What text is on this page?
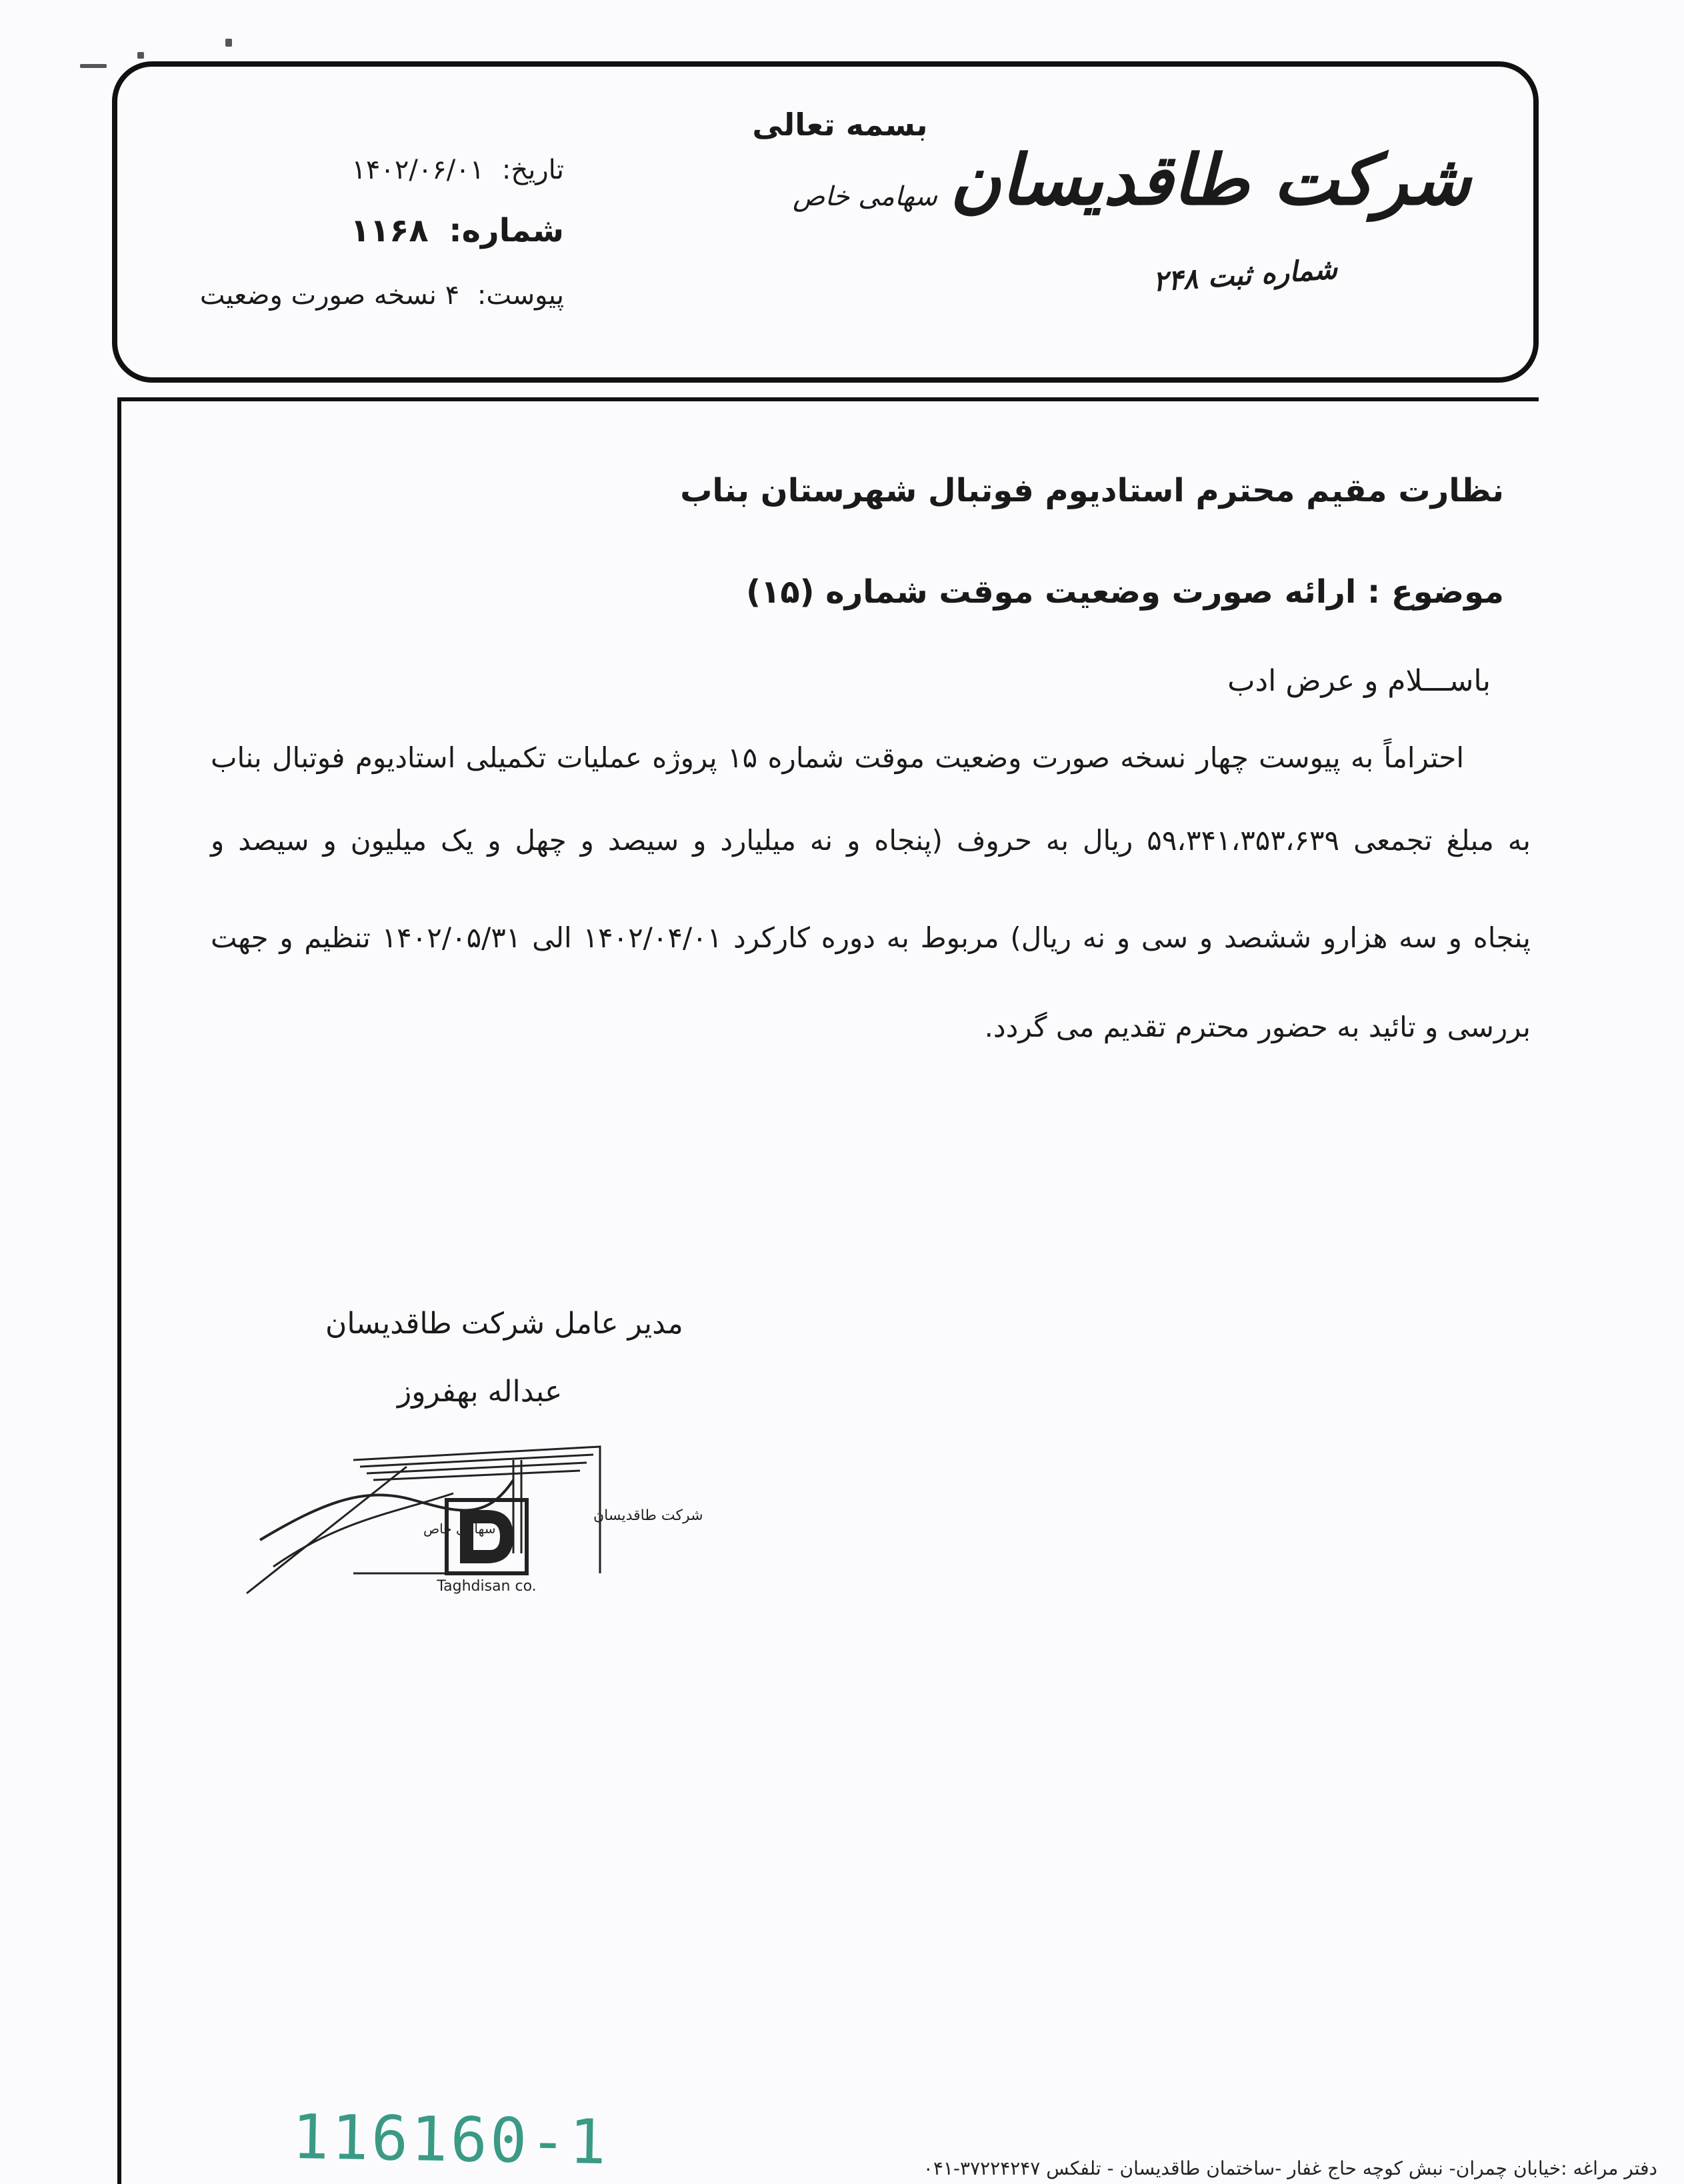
بسمه تعالی
شرکت طاقدیسان
سهامی خاص
شماره ثبت ۲۴۸
تاریخ: ۱۴۰۲/۰۶/۰۱
شماره: ۱۱۶۸
پیوست: ۴ نسخه صورت وضعیت
نظارت مقیم محترم استادیوم فوتبال شهرستان بناب
موضوع : ارائه صورت وضعیت موقت شماره (۱۵)
باســـلام و عرض ادب
احتراماً به پیوست چهار نسخه صورت وضعیت موقت شماره ۱۵ پروژه عملیات تکمیلی استادیوم فوتبال بناب
به مبلغ تجمعی ۵۹،۳۴۱،۳۵۳،۶۳۹ ریال به حروف (پنجاه و نه میلیارد و سیصد و چهل و یک میلیون و سیصد و
پنجاه و سه هزارو ششصد و سی و نه ریال) مربوط به دوره کارکرد ۱۴۰۲/۰۴/۰۱ الی ۱۴۰۲/۰۵/۳۱ تنظیم و جهت
بررسی و تائید به حضور محترم تقدیم می گردد.
مدیر عامل شرکت طاقدیسان
عبداله بهفروز
شرکت طاقدیسان
سهامی خاص
Taghdisan co.
116160-1	دفتر مراغه :خیابان چمران- نبش کوچه حاج غفار -ساختمان طاقدیسان - تلفکس ۳۷۲۲۴۲۴۷-۰۴۱
